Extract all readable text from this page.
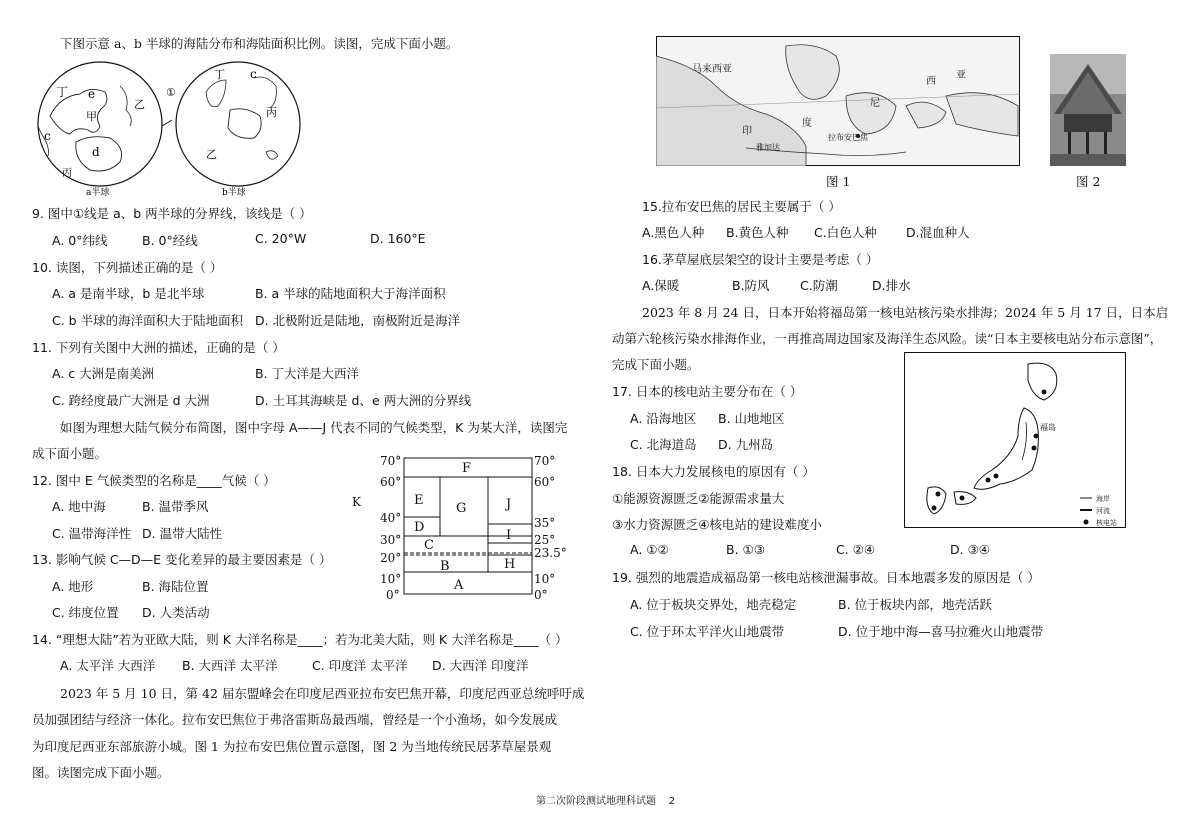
下图示意 a、b 半球的海陆分布和海陆面积比例。读图，完成下面小题。
丁 e
甲
乙
c
d
丙
①
丁 c
丙
乙
a半球	b半球
9. 图中①线是 a、b 两半球的分界线，该线是（ ）
A. 0°纬线	B. 0°经线	C. 20°W	D. 160°E
10. 读图，下列描述正确的是（ ）
A. a 是南半球，b 是北半球	B. a 半球的陆地面积大于海洋面积
C. b 半球的海洋面积大于陆地面积 D. 北极附近是陆地，南极附近是海洋
11. 下列有关图中大洲的描述，正确的是（ ）
A. c 大洲是南美洲	B. 丁大洋是大西洋
C. 跨经度最广大洲是 d 大洲	D. 土耳其海峡是 d、e 两大洲的分界线
如图为理想大陆气候分布简图，图中字母 A——J 代表不同的气候类型，K 为某大洋，读图完
成下面小题。
12. 图中 E 气候类型的名称是____气候（ ）
A. 地中海	B. 温带季风
C. 温带海洋性 D. 温带大陆性
13. 影响气候 C—D—E 变化差异的最主要因素是（ ）
A. 地形	B. 海陆位置
C. 纬度位置 D. 人类活动
K
70°
60°
40°
30°
20°
10°
0°
70°
60°
35°
25°
23.5°
10°
0°
F
E
G	J
D
C
I
B	H
A
14. “理想大陆”若为亚欧大陆，则 K 大洋名称是____；若为北美大陆，则 K 大洋名称是____（ ）
A. 太平洋 大西洋 B. 大西洋 太平洋	C. 印度洋 太平洋 D. 大西洋 印度洋
2023 年 5 月 10 日，第 42 届东盟峰会在印度尼西亚拉布安巴焦开幕，印度尼西亚总统呼吁成
员加强团结与经济一体化。拉布安巴焦位于弗洛雷斯岛最西端，曾经是一个小渔场，如今发展成
为印度尼西亚东部旅游小城。图 1 为拉布安巴焦位置示意图，图 2 为当地传统民居茅草屋景观
图。读图完成下面小题。
马来西亚
西
亚
印
度
尼
拉布安巴焦
雅加达
图 1	图 2
15.拉布安巴焦的居民主要属于（ ）
A.黑色人种 B.黄色人种 C.白色人种 D.混血种人
16.茅草屋底层架空的设计主要是考虑（ ）
A.保暖	B.防风 C.防潮	D.排水
2023 年 8 月 24 日，日本开始将福岛第一核电站核污染水排海；2024 年 5 月 17 日，日本启
动第六轮核污染水排海作业，一再推高周边国家及海洋生态风险。读“日本主要核电站分布示意图”，
完成下面小题。
福岛
海岸
河流
核电站
17. 日本的核电站主要分布在（ ）
A. 沿海地区 B. 山地地区
C. 北海道岛 D. 九州岛
18. 日本大力发展核电的原因有（ ）
①能源资源匮乏②能源需求量大
③水力资源匮乏④核电站的建设难度小
A. ①②	B. ①③	C. ②④	D. ③④
19. 强烈的地震造成福岛第一核电站核泄漏事故。日本地震多发的原因是（ ）
A. 位于板块交界处，地壳稳定	B. 位于板块内部，地壳活跃
C. 位于环太平洋火山地震带	D. 位于地中海—喜马拉雅火山地震带
第二次阶段测试地理科试题    2
